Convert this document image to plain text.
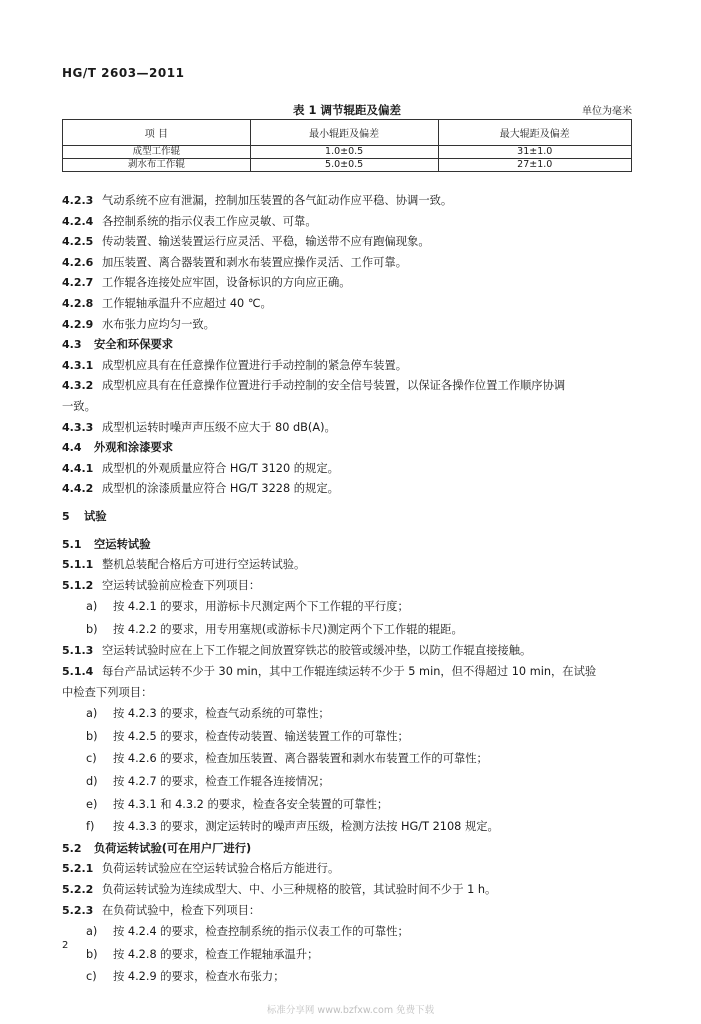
HG/T 2603—2011
表 1 调节辊距及偏差	单位为毫米
项 目	最小辊距及偏差	最大辊距及偏差
成型工作辊	1.0±0.5	31±1.0
剥水布工作辊	5.0±0.5	27±1.0
4.2.3 气动系统不应有泄漏，控制加压装置的各气缸动作应平稳、协调一致。
4.2.4 各控制系统的指示仪表工作应灵敏、可靠。
4.2.5 传动装置、输送装置运行应灵活、平稳，输送带不应有跑偏现象。
4.2.6 加压装置、离合器装置和剥水布装置应操作灵活、工作可靠。
4.2.7 工作辊各连接处应牢固，设备标识的方向应正确。
4.2.8 工作辊轴承温升不应超过 40 ℃。
4.2.9 水布张力应均匀一致。
4.3 安全和环保要求
4.3.1 成型机应具有在任意操作位置进行手动控制的紧急停车装置。
4.3.2 成型机应具有在任意操作位置进行手动控制的安全信号装置，以保证各操作位置工作顺序协调
一致。
4.3.3 成型机运转时噪声声压级不应大于 80 dB(A)。
4.4 外观和涂漆要求
4.4.1 成型机的外观质量应符合 HG/T 3120 的规定。
4.4.2 成型机的涂漆质量应符合 HG/T 3228 的规定。
5 试验
5.1 空运转试验
5.1.1 整机总装配合格后方可进行空运转试验。
5.1.2 空运转试验前应检查下列项目：
a) 按 4.2.1 的要求，用游标卡尺测定两个下工作辊的平行度；
b) 按 4.2.2 的要求，用专用塞规(或游标卡尺)测定两个下工作辊的辊距。
5.1.3 空运转试验时应在上下工作辊之间放置穿铁芯的胶管或缓冲垫，以防工作辊直接接触。
5.1.4 每台产品试运转不少于 30 min，其中工作辊连续运转不少于 5 min，但不得超过 10 min，在试验
中检查下列项目：
a) 按 4.2.3 的要求，检查气动系统的可靠性；
b) 按 4.2.5 的要求，检查传动装置、输送装置工作的可靠性；
c) 按 4.2.6 的要求，检查加压装置、离合器装置和剥水布装置工作的可靠性；
d) 按 4.2.7 的要求，检查工作辊各连接情况；
e) 按 4.3.1 和 4.3.2 的要求，检查各安全装置的可靠性；
f) 按 4.3.3 的要求，测定运转时的噪声声压级，检测方法按 HG/T 2108 规定。
5.2 负荷运转试验(可在用户厂进行)
5.2.1 负荷运转试验应在空运转试验合格后方能进行。
5.2.2 负荷运转试验为连续成型大、中、小三种规格的胶管，其试验时间不少于 1 h。
5.2.3 在负荷试验中，检查下列项目：
a) 按 4.2.4 的要求，检查控制系统的指示仪表工作的可靠性；
b) 按 4.2.8 的要求，检查工作辊轴承温升；
c) 按 4.2.9 的要求，检查水布张力；
2
标准分享网 www.bzfxw.com 免费下载
